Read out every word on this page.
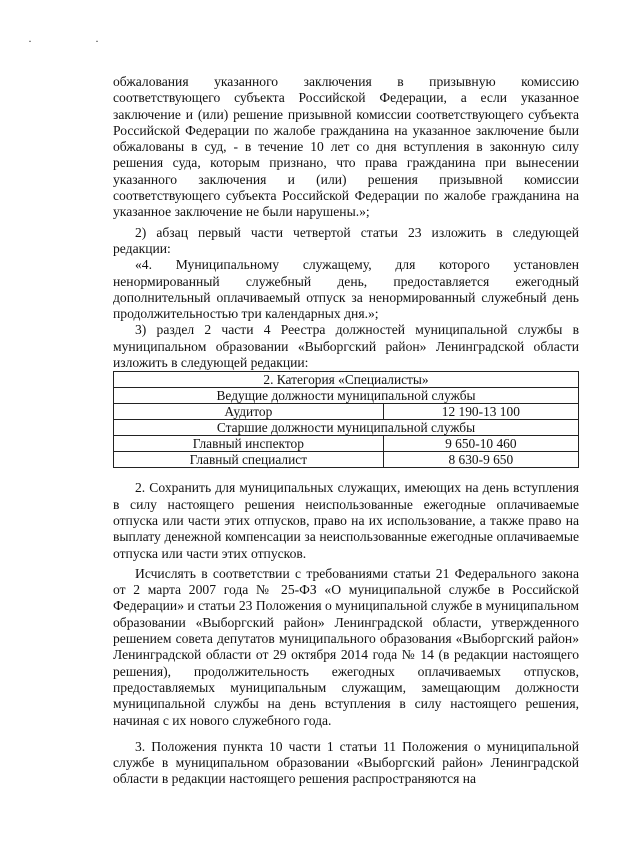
· ·

обжалования указанного заключения в призывную комиссию соответствующего субъекта Российской Федерации, а если указанное заключение и (или) решение призывной комиссии соответствующего субъекта Российской Федерации по жалобе гражданина на указанное заключение были обжалованы в суд, - в течение 10 лет со дня вступления в законную силу решения суда, которым признано, что права гражданина при вынесении указанного заключения и (или) решения призывной комиссии соответствующего субъекта Российской Федерации по жалобе гражданина на указанное заключение не были нарушены.»;

2) абзац первый части четвертой статьи 23 изложить в следующей редакции:

«4. Муниципальному служащему, для которого установлен ненормированный служебный день, предоставляется ежегодный дополнительный оплачиваемый отпуск за ненормированный служебный день продолжительностью три календарных дня.»;

3) раздел 2 части 4 Реестра должностей муниципальной службы в муниципальном образовании «Выборгский район» Ленинградской области изложить в следующей редакции:

2. Категория «Специалисты»	
Ведущие должности муниципальной службы	
Аудитор	12 190-13 100
Старшие должности муниципальной службы	
Главный инспектор	9 650-10 460
Главный специалист	8 630-9 650

2. Сохранить для муниципальных служащих, имеющих на день вступления в силу настоящего решения неиспользованные ежегодные оплачиваемые отпуска или части этих отпусков, право на их использование, а также право на выплату денежной компенсации за неиспользованные ежегодные оплачиваемые отпуска или части этих отпусков.

Исчислять в соответствии с требованиями статьи 21 Федерального закона от 2 марта 2007 года № 25-ФЗ «О муниципальной службе в Российской Федерации» и статьи 23 Положения о муниципальной службе в муниципальном образовании «Выборгский район» Ленинградской области, утвержденного решением совета депутатов муниципального образования «Выборгский район» Ленинградской области от 29 октября 2014 года № 14 (в редакции настоящего решения), продолжительность ежегодных оплачиваемых отпусков, предоставляемых муниципальным служащим, замещающим должности муниципальной службы на день вступления в силу настоящего решения, начиная с их нового служебного года.

3. Положения пункта 10 части 1 статьи 11 Положения о муниципальной службе в муниципальном образовании «Выборгский район» Ленинградской области в редакции настоящего решения распространяются на
